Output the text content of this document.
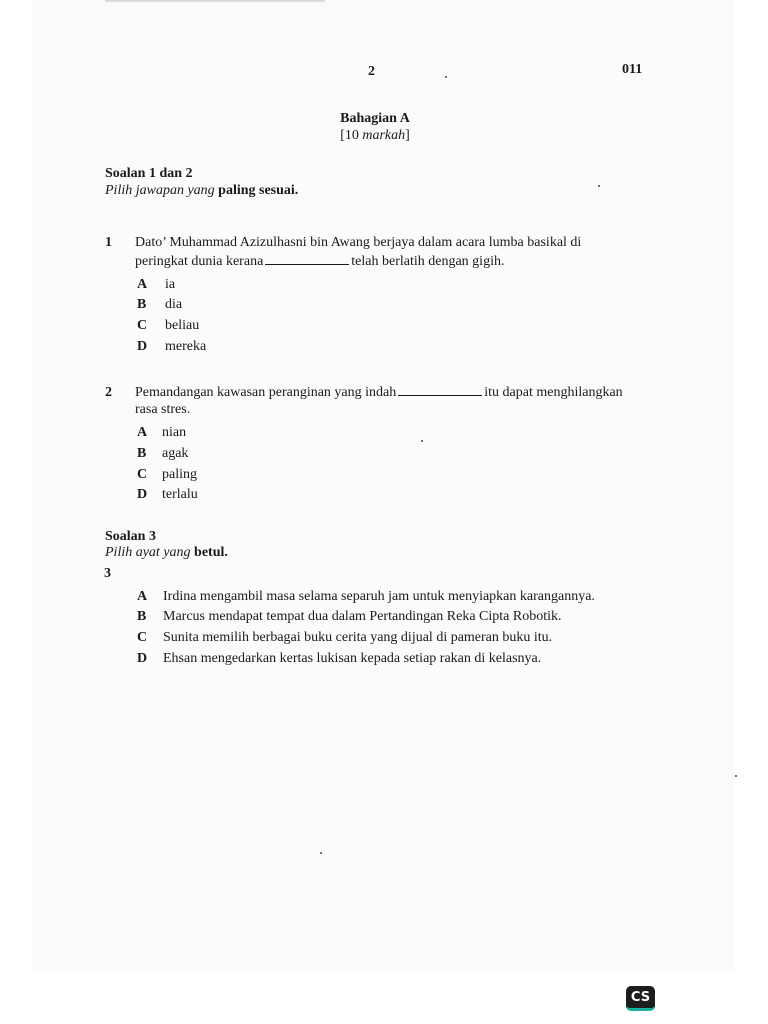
2	011
Bahagian A
[10 markah]
Soalan 1 dan 2
Pilih jawapan yang paling sesuai.
1 Dato’ Muhammad Azizulhasni bin Awang berjaya dalam acara lumba basikal di
peringkat dunia kerana	telah berlatih dengan gigih.
A ia
B dia
C beliau
D mereka
2 Pemandangan kawasan peranginan yang indah	itu dapat menghilangkan
rasa stres.
A nian
B agak
C paling
D terlalu
Soalan 3
Pilih ayat yang betul.
3
A Irdina mengambil masa selama separuh jam untuk menyiapkan karangannya.
B Marcus mendapat tempat dua dalam Pertandingan Reka Cipta Robotik.
C Sunita memilih berbagai buku cerita yang dijual di pameran buku itu.
D Ehsan mengedarkan kertas lukisan kepada setiap rakan di kelasnya.
CS
